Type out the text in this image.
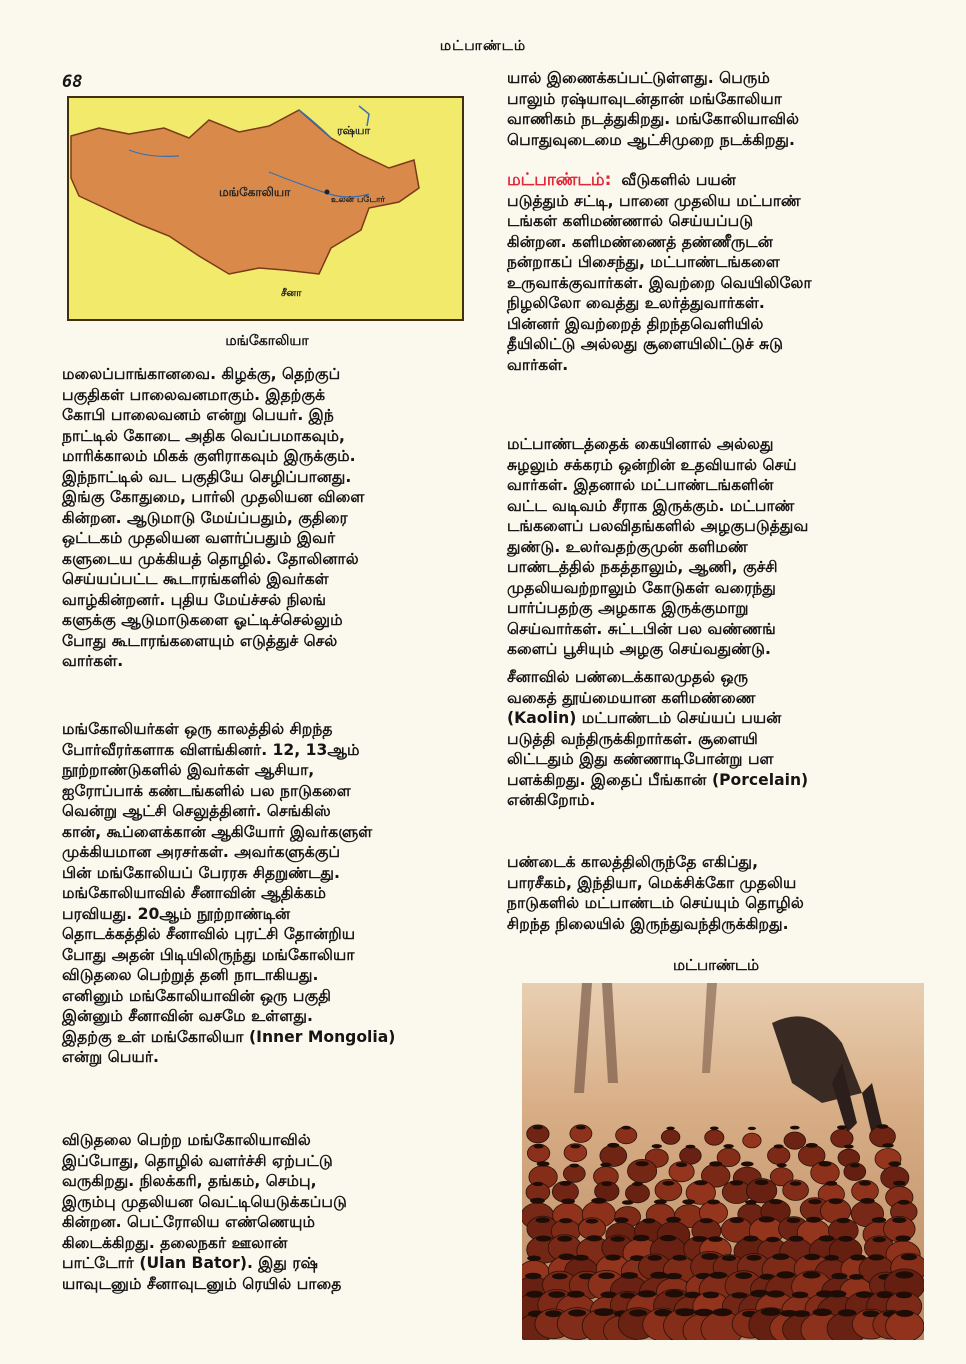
மட்பாண்டம்
68
ரஷ்யா
மங்கோலியா
உலன் படோர்
சீனா
மங்கோலியா

மலைப்பாங்கானவை. கிழக்கு, தெற்குப்
பகுதிகள் பாலைவனமாகும். இதற்குக்
கோபி பாலைவனம் என்று பெயர். இந்
நாட்டில் கோடை அதிக வெப்பமாகவும்,
மாரிக்காலம் மிகக் குளிராகவும் இருக்கும்.
இந்நாட்டில் வட பகுதியே செழிப்பானது.
இங்கு கோதுமை, பார்லி முதலியன விளை
கின்றன. ஆடுமாடு மேய்ப்பதும், குதிரை
ஒட்டகம் முதலியன வளர்ப்பதும் இவர்
களுடைய முக்கியத் தொழில். தோலினால்
செய்யப்பட்ட கூடாரங்களில் இவர்கள்
வாழ்கின்றனர். புதிய மேய்ச்சல் நிலங்
களுக்கு ஆடுமாடுகளை ஓட்டிச்செல்லும்
போது கூடாரங்களையும் எடுத்துச் செல்
வார்கள்.

மங்கோலியர்கள் ஒரு காலத்தில் சிறந்த
போர்வீரர்களாக விளங்கினர். 12, 13ஆம்
நூற்றாண்டுகளில் இவர்கள் ஆசியா,
ஐரோப்பாக் கண்டங்களில் பல நாடுகளை
வென்று ஆட்சி செலுத்தினர். செங்கிஸ்
கான், கூப்ளைக்கான் ஆகியோர் இவர்களுள்
முக்கியமான அரசர்கள். அவர்களுக்குப்
பின் மங்கோலியப் பேரரசு சிதறுண்டது.
மங்கோலியாவில் சீனாவின் ஆதிக்கம்
பரவியது. 20ஆம் நூற்றாண்டின்
தொடக்கத்தில் சீனாவில் புரட்சி தோன்றிய
போது அதன் பிடியிலிருந்து மங்கோலியா
விடுதலை பெற்றுத் தனி நாடாகியது.
எனினும் மங்கோலியாவின் ஒரு பகுதி
இன்னும் சீனாவின் வசமே உள்ளது.
இதற்கு உள் மங்கோலியா (Inner Mongolia)
என்று பெயர்.

விடுதலை பெற்ற மங்கோலியாவில்
இப்போது, தொழில் வளர்ச்சி ஏற்பட்டு
வருகிறது. நிலக்கரி, தங்கம், செம்பு,
இரும்பு முதலியன வெட்டியெடுக்கப்படு
கின்றன. பெட்ரோலிய எண்ணெயும்
கிடைக்கிறது. தலைநகர் ஊலான்
பாட்டோர் (Ulan Bator). இது ரஷ்
யாவுடனும் சீனாவுடனும் ரெயில் பாதை

யால் இணைக்கப்பட்டுள்ளது. பெரும்
பாலும் ரஷ்யாவுடன்தான் மங்கோலியா
வாணிகம் நடத்துகிறது. மங்கோலியாவில்
பொதுவுடைமை ஆட்சிமுறை நடக்கிறது.

மட்பாண்டம்: வீடுகளில் பயன்
படுத்தும் சட்டி, பானை முதலிய மட்பாண்
டங்கள் களிமண்ணால் செய்யப்படு
கின்றன. களிமண்ணைத் தண்ணீருடன்
நன்றாகப் பிசைந்து, மட்பாண்டங்களை
உருவாக்குவார்கள். இவற்றை வெயிலிலோ
நிழலிலோ வைத்து உலர்த்துவார்கள்.
பின்னர் இவற்றைத் திறந்தவெளியில்
தீயிலிட்டு அல்லது சூளையிலிட்டுச் சுடு
வார்கள்.

மட்பாண்டத்தைக் கையினால் அல்லது
சுழலும் சக்கரம் ஒன்றின் உதவியால் செய்
வார்கள். இதனால் மட்பாண்டங்களின்
வட்ட வடிவம் சீராக இருக்கும். மட்பாண்
டங்களைப் பலவிதங்களில் அழகுபடுத்துவ
துண்டு. உலர்வதற்குமுன் களிமண்
பாண்டத்தில் நகத்தாலும், ஆணி, குச்சி
முதலியவற்றாலும் கோடுகள் வரைந்து
பார்ப்பதற்கு அழகாக இருக்குமாறு
செய்வார்கள். சுட்டபின் பல வண்ணங்
களைப் பூசியும் அழகு செய்வதுண்டு.

சீனாவில் பண்டைக்காலமுதல் ஒரு
வகைத் தூய்மையான களிமண்ணை
(Kaolin) மட்பாண்டம் செய்யப் பயன்
படுத்தி வந்திருக்கிறார்கள். சூளையி
லிட்டதும் இது கண்ணாடிபோன்று பள
பளக்கிறது. இதைப் பீங்கான் (Porcelain)
என்கிறோம்.

பண்டைக் காலத்திலிருந்தே எகிப்து,
பாரசீகம், இந்தியா, மெக்சிக்கோ முதலிய
நாடுகளில் மட்பாண்டம் செய்யும் தொழில்
சிறந்த நிலையில் இருந்துவந்திருக்கிறது.

மட்பாண்டம்
